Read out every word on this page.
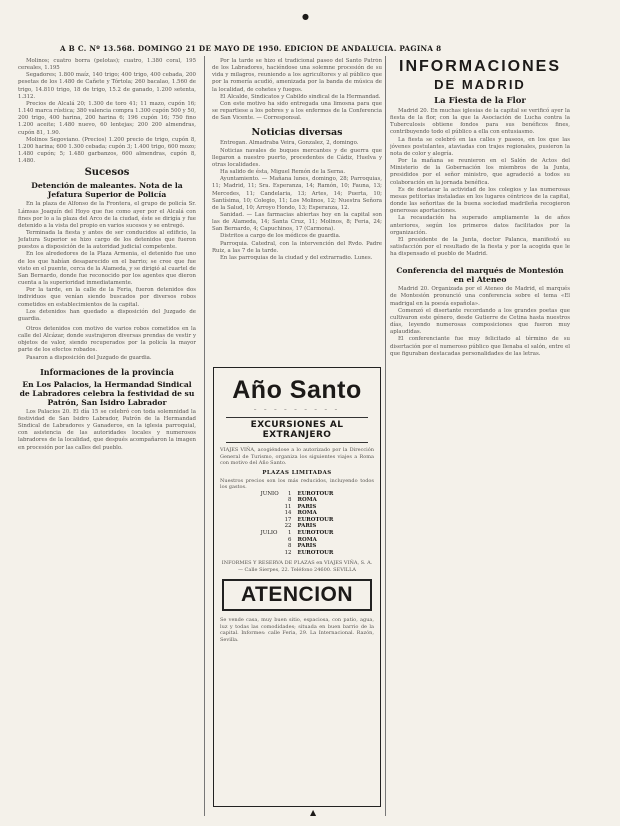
●
A B C. Nº 13.568. DOMINGO 21 DE MAYO DE 1950. EDICION DE ANDALUCIA. PAGINA 8

Molinos; cuatro borra (pelotas); cuatro, 1.380 coral, 195 cereales, 1.195

Segadores; 1.800 maíz, 140 trigo; 400 trigo, 400 cebada, 200 pesetas de los 1.480 de Cañete y Tórtola; 260 bacalao, 1.560 de trigo, 14.810 trigo, 18 de trigo, 15.2 de ganado, 1.200 setenta, 1.312.

Precios de Alcalá 20; 1.300 de toro 41; 11 mazo, cupón 16; 1.140 marca rústica; 380 valencia compra 1.300 cupón 500 y 50, 200 trigo, 400 harina, 200 harina 6; 196 cupón 16; 750 fino 1.200 aceite; 1.480 nuevo, 60 lentejas; 200 200 almendras, cupón 81, 1.90.

Molinos Segoviano. (Precios) 1.200 precio de trigo, cupón 8, 1.200 harina; 600 1.300 cebada; cupón 3; 1.400 trigo, 600 mozo; 1.480 cupón; 5; 1.480 garbanzos, 600 almendras, cupón 8, 1.480.

Sucesos
Detención de maleantes. Nota de la Jefatura Superior de Policía

En la plaza de Alfonso de la Frontera, el grupo de policía Sr. Lámsas Joaquín del Hoyo que fue como ayer por el Alcalá con fines por lo a la plaza del Arco de la ciudad, éste se dirigía y fue detenido a la vista del propio en varios sucesos y se entregó.

Terminada la fiesta y antes de ser conducidos al edificio, la Jefatura Superior se hizo cargo de los detenidos que fueron puestos a disposición de la autoridad judicial competente.

En los alrededores de la Plaza Armenia, el detenido fue uno de los que habían desaparecido en el barrio; se cree que fue visto en el puente, cerca de la Alameda, y se dirigió al cuartel de San Bernardo, donde fue reconocido por los agentes que dieron cuenta a la superioridad inmediatamente.

Por la tarde, en la calle de la Feria, fueron detenidos dos individuos que venían siendo buscados por diversos robos cometidos en establecimientos de la capital.

Los detenidos han quedado a disposición del Juzgado de guardia.

Otros detenidos con motivo de varios robos cometidos en la calle del Alcázar, donde sustrajeron diversas prendas de vestir y objetos de valor, siendo recuperados por la policía la mayor parte de los efectos robados.

Pasaron a disposición del Juzgado de guardia.

Informaciones de la provincia
En Los Palacios, la Hermandad Sindical de Labradores celebra la festividad de su Patrón, San Isidro Labrador

Los Palacios 20. El día 15 se celebró con toda solemnidad la festividad de San Isidro Labrador, Patrón de la Hermandad Sindical de Labradores y Ganaderos, en la iglesia parroquial, con asistencia de las autoridades locales y numerosos labradores de la localidad, que después acompañaron la imagen en procesión por las calles del pueblo.

Por la tarde se hizo el tradicional paseo del Santo Patrón de los Labradores, haciéndose una solemne procesión de su vida y milagros, reuniendo a los agricultores y al público que por la romería acudió, amenizada por la banda de música de la localidad, de cohetes y fuegos.

El Alcalde, Sindicatos y Cabildo sindical de la Hermandad.

Con este motivo ha sido entregada una limosna para que se repartiese a los pobres y a los enfermos de la Conferencia de San Vicente. — Corresponsal.

Noticias diversas

Entregan. Almadraba Veira, Gonzalez, 2, domingo.

Noticias navales de buques mercantes y de guerra que llegaron a nuestro puerto, procedentes de Cádiz, Huelva y otras localidades.

Ha salido de ésta, Miguel Remón de la Serna.

Ayuntamiento. — Mañana lunes, domingo, 28; Parroquias, 11; Madrid, 11; Sra. Esperanza, 14; Ramón, 10; Fauna, 13; Mercedes, 11; Candelaria, 13; Artes, 14; Puerta, 10; Santísima, 10; Colegio, 11; Los Molinos, 12; Nuestra Señora de la Salud, 10; Arroyo Hondo, 13; Esperanza, 12.

Sanidad. — Las farmacias abiertas hoy en la capital son las de Alameda, 14; Santa Cruz, 11; Molinos, 8; Feria, 24; San Bernardo, 4; Capuchinos, 17 (Carmona).

Distritos a cargo de los médicos de guardia.

Parroquia. Catedral, con la intervención del Rvdo. Padre Ruiz, a las 7 de la tarde.

En las parroquias de la ciudad y del extrarradio. Lunes.

Año Santo
– – – – – – – – –
EXCURSIONES AL EXTRANJERO
VIAJES VIÑA, acogiéndose a lo autorizado por la Dirección General de Turismo, organiza los siguientes viajes a Roma con motivo del Año Santo.
PLAZAS LIMITADAS
Nuestros precios son los más reducidos, incluyendo todos los gastos.
JUNIO	1	EUROTOUR
	8	ROMA
	11	PARIS
	14	ROMA
	17	EUROTOUR
	22	PARIS
JULIO	1	EUROTOUR
	6	ROMA
	8	PARIS
	12	EUROTOUR
INFORMES Y RESERVA DE PLAZAS en VIAJES VIÑA, S. A. — Calle Sierpes, 22. Teléfono 24600. SEVILLA
ATENCION
Se vende casa, muy buen sitio, espaciosa, con patio, agua, luz y todas las comodidades; situada en buen barrio de la capital. Informes: calle Feria, 29. La Internacional. Razón, Sevilla.
INFORMACIONES
DE MADRID
La Fiesta de la Flor

Madrid 20. En muchas iglesias de la capital se verificó ayer la fiesta de la flor, con la que la Asociación de Lucha contra la Tuberculosis obtiene fondos para sus benéficos fines, contribuyendo todo el público a ella con entusiasmo.

La fiesta se celebró en las calles y paseos, en los que las jóvenes postulantes, ataviadas con trajes regionales, pusieron la nota de color y alegría.

Por la mañana se reunieron en el Salón de Actos del Ministerio de la Gobernación los miembros de la Junta, presididos por el señor ministro, que agradeció a todos su colaboración en la jornada benéfica.

Es de destacar la actividad de los colegios y las numerosas mesas petitorias instaladas en los lugares céntricos de la capital, donde las señoritas de la buena sociedad madrileña recogieron generosas aportaciones.

La recaudación ha superado ampliamente la de años anteriores, según los primeros datos facilitados por la organización.

El presidente de la Junta, doctor Palanca, manifestó su satisfacción por el resultado de la fiesta y por la acogida que le ha dispensado el pueblo de Madrid.

Conferencia del marqués de Montesión en el Ateneo

Madrid 20. Organizada por el Ateneo de Madrid, el marqués de Montesión pronunció una conferencia sobre el tema «El madrigal en la poesía española».

Comenzó el disertante recordando a los grandes poetas que cultivaron este género, desde Gutierre de Cetina hasta nuestros días, leyendo numerosas composiciones que fueron muy aplaudidas.

El conferenciante fue muy felicitado al término de su disertación por el numeroso público que llenaba el salón, entre el que figuraban destacadas personalidades de las letras.

▲
